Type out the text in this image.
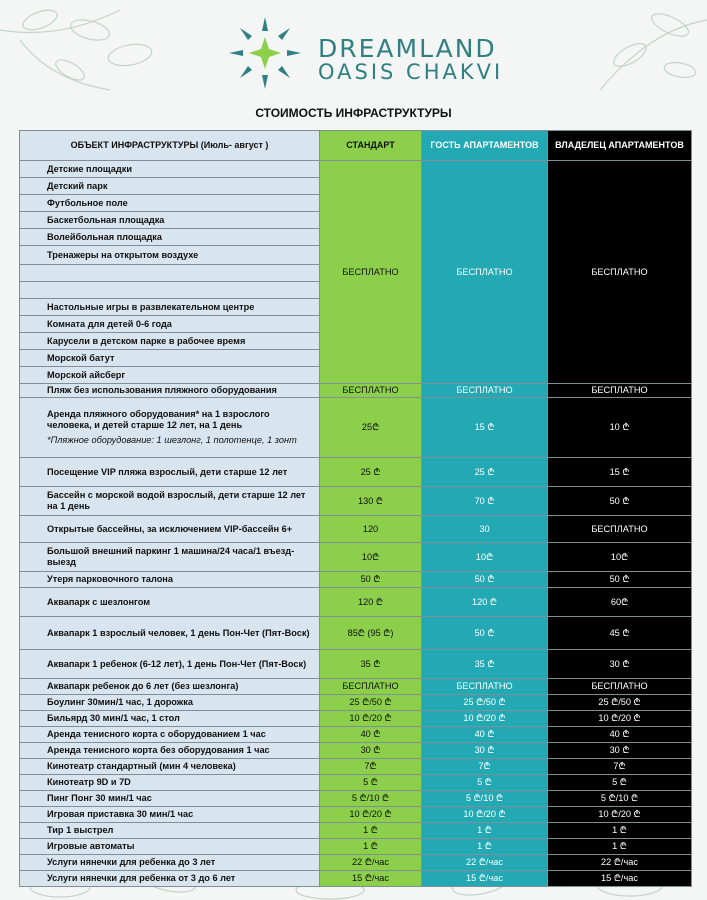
DREAMLAND
OASIS CHAKVI
СТОИМОСТЬ ИНФРАСТРУКТУРЫ
ОБЪЕКТ ИНФРАСТРУКТУРЫ (Июль- август )	СТАНДАРТ	ГОСТЬ АПАРТАМЕНТОВ	ВЛАДЕЛЕЦ АПАРТАМЕНТОВ
Детские площадки	БЕСПЛАТНО	БЕСПЛАТНО	БЕСПЛАТНО
Детский парк			
Футбольное поле			
Баскетбольная площадка			
Волейбольная площадка			
Тренажеры на открытом воздухе			

Настольные игры в развлекательном центре			
Комната для детей 0-6 года			
Карусели в детском парке в рабочее время			
Морской батут			
Морской айсберг			
Пляж без использования пляжного оборудования	БЕСПЛАТНО	БЕСПЛАТНО	БЕСПЛАТНО

Аренда пляжного оборудования* на 1 взрослого человека, и детей старше 12 лет, на 1 день
*Пляжное оборудование: 1 шезлонг, 1 полотенце, 1 зонт	25₾	15 ₾	10 ₾
Посещение VIP пляжа взрослый, дети старше 12 лет	25 ₾	25 ₾	15 ₾
Бассейн с морской водой взрослый, дети старше 12 лет на 1 день	130 ₾	70 ₾	50 ₾
Открытые бассейны, за исключением VIP-бассейн 6+	120	30	БЕСПЛАТНО
Большой внешний паркинг 1 машина/24 часа/1 въезд-выезд	10₾	10₾	10₾
Утеря парковочного талона	50 ₾	50 ₾	50 ₾
Аквапарк с шезлонгом	120 ₾	120 ₾	60₾
Аквапарк 1 взрослый человек, 1 день Пон-Чет (Пят-Воск)	85₾ (95 ₾)	50 ₾	45 ₾
Аквапарк 1 ребенок (6-12 лет), 1 день Пон-Чет (Пят-Воск)	35 ₾	35 ₾	30 ₾
Аквапарк ребенок до 6 лет (без шезлонга)	БЕСПЛАТНО	БЕСПЛАТНО	БЕСПЛАТНО
Боулинг 30мин/1 час, 1 дорожка	25 ₾/50 ₾	25 ₾/50 ₾	25 ₾/50 ₾
Бильярд 30 мин/1 час, 1 стол	10 ₾/20 ₾	10 ₾/20 ₾	10 ₾/20 ₾
Аренда тенисного корта с оборудованием 1 час	40 ₾	40 ₾	40 ₾
Аренда тенисного корта без оборудования 1 час	30 ₾	30 ₾	30 ₾
Кинотеатр стандартный (мин 4 человека)	7₾	7₾	7₾
Кинотеатр 9D и 7D	5 ₾	5 ₾	5 ₾
Пинг Понг 30 мин/1 час	5 ₾/10 ₾	5 ₾/10 ₾	5 ₾/10 ₾
Игровая приставка 30 мин/1 час	10 ₾/20 ₾	10 ₾/20 ₾	10 ₾/20 ₾
Тир 1 выстрел	1 ₾	1 ₾	1 ₾
Игровые автоматы	1 ₾	1 ₾	1 ₾
Услуги нянечки для ребенка до 3 лет	22 ₾/час	22 ₾/час	22 ₾/час
Услуги нянечки для ребенка от 3 до 6 лет	15 ₾/час	15 ₾/час	15 ₾/час
